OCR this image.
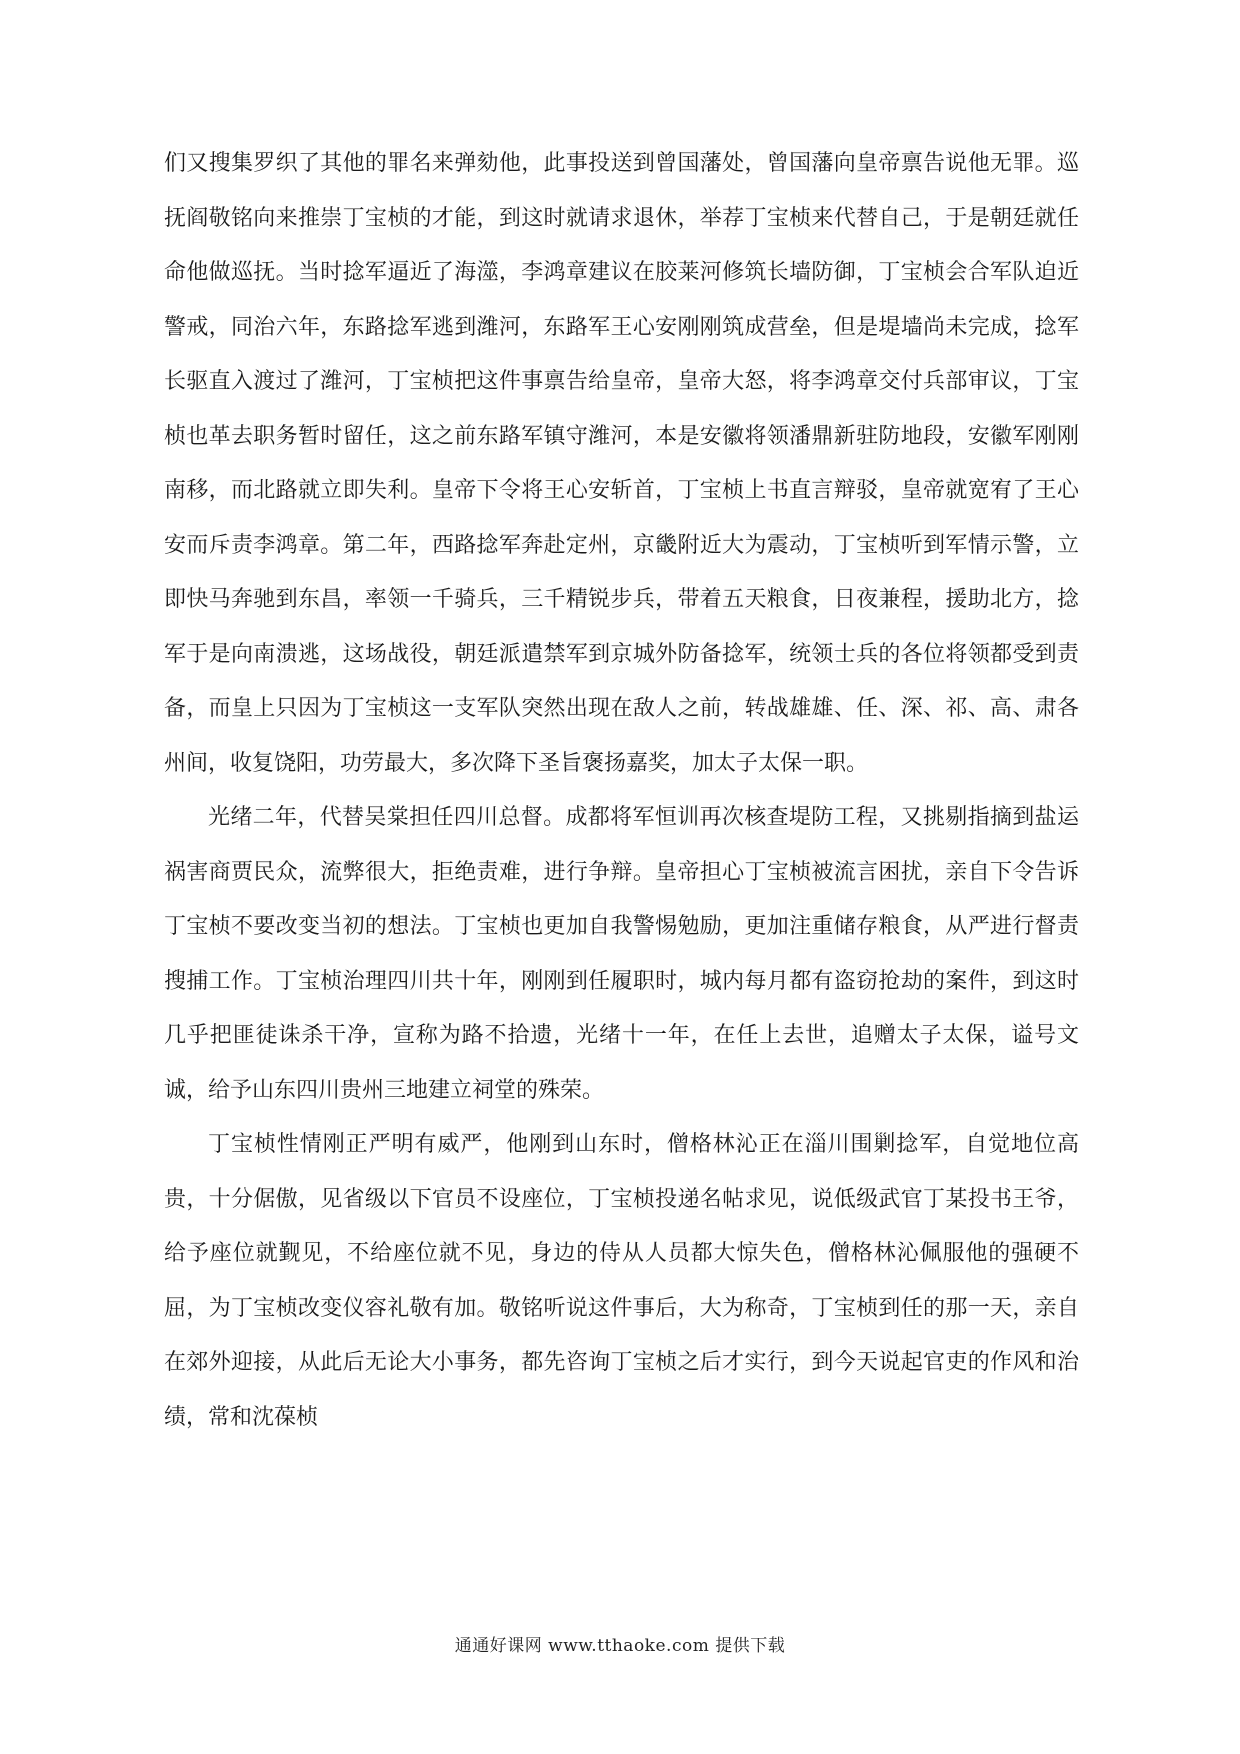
们又搜集罗织了其他的罪名来弹劾他，此事投送到曾国藩处，曾国藩向皇帝禀告说他无罪。巡抚阎敬铭向来推崇丁宝桢的才能，到这时就请求退休，举荐丁宝桢来代替自己，于是朝廷就任命他做巡抚。当时捻军逼近了海澨，李鸿章建议在胶莱河修筑长墙防御，丁宝桢会合军队迫近警戒，同治六年，东路捻军逃到潍河，东路军王心安刚刚筑成营垒，但是堤墙尚未完成，捻军长驱直入渡过了潍河，丁宝桢把这件事禀告给皇帝，皇帝大怒，将李鸿章交付兵部审议，丁宝桢也革去职务暂时留任，这之前东路军镇守潍河，本是安徽将领潘鼎新驻防地段，安徽军刚刚南移，而北路就立即失利。皇帝下令将王心安斩首，丁宝桢上书直言辩驳，皇帝就宽宥了王心安而斥责李鸿章。第二年，西路捻军奔赴定州，京畿附近大为震动，丁宝桢听到军情示警，立即快马奔驰到东昌，率领一千骑兵，三千精锐步兵，带着五天粮食，日夜兼程，援助北方，捻军于是向南溃逃，这场战役，朝廷派遣禁军到京城外防备捻军，统领士兵的各位将领都受到责备，而皇上只因为丁宝桢这一支军队突然出现在敌人之前，转战雄雄、任、深、祁、高、肃各州间，收复饶阳，功劳最大，多次降下圣旨褒扬嘉奖，加太子太保一职。

光绪二年，代替吴棠担任四川总督。成都将军恒训再次核查堤防工程，又挑剔指摘到盐运祸害商贾民众，流弊很大，拒绝责难，进行争辩。皇帝担心丁宝桢被流言困扰，亲自下令告诉丁宝桢不要改变当初的想法。丁宝桢也更加自我警惕勉励，更加注重储存粮食，从严进行督责搜捕工作。丁宝桢治理四川共十年，刚刚到任履职时，城内每月都有盗窃抢劫的案件，到这时几乎把匪徒诛杀干净，宣称为路不拾遗，光绪十一年，在任上去世，追赠太子太保，谥号文诚，给予山东四川贵州三地建立祠堂的殊荣。

丁宝桢性情刚正严明有威严，他刚到山东时，僧格林沁正在淄川围剿捻军，自觉地位高贵，十分倨傲，见省级以下官员不设座位，丁宝桢投递名帖求见，说低级武官丁某投书王爷，给予座位就觐见，不给座位就不见，身边的侍从人员都大惊失色，僧格林沁佩服他的强硬不屈，为丁宝桢改变仪容礼敬有加。敬铭听说这件事后，大为称奇，丁宝桢到任的那一天，亲自在郊外迎接，从此后无论大小事务，都先咨询丁宝桢之后才实行，到今天说起官吏的作风和治绩，常和沈葆桢

通通好课网 www.tthaoke.com 提供下载
